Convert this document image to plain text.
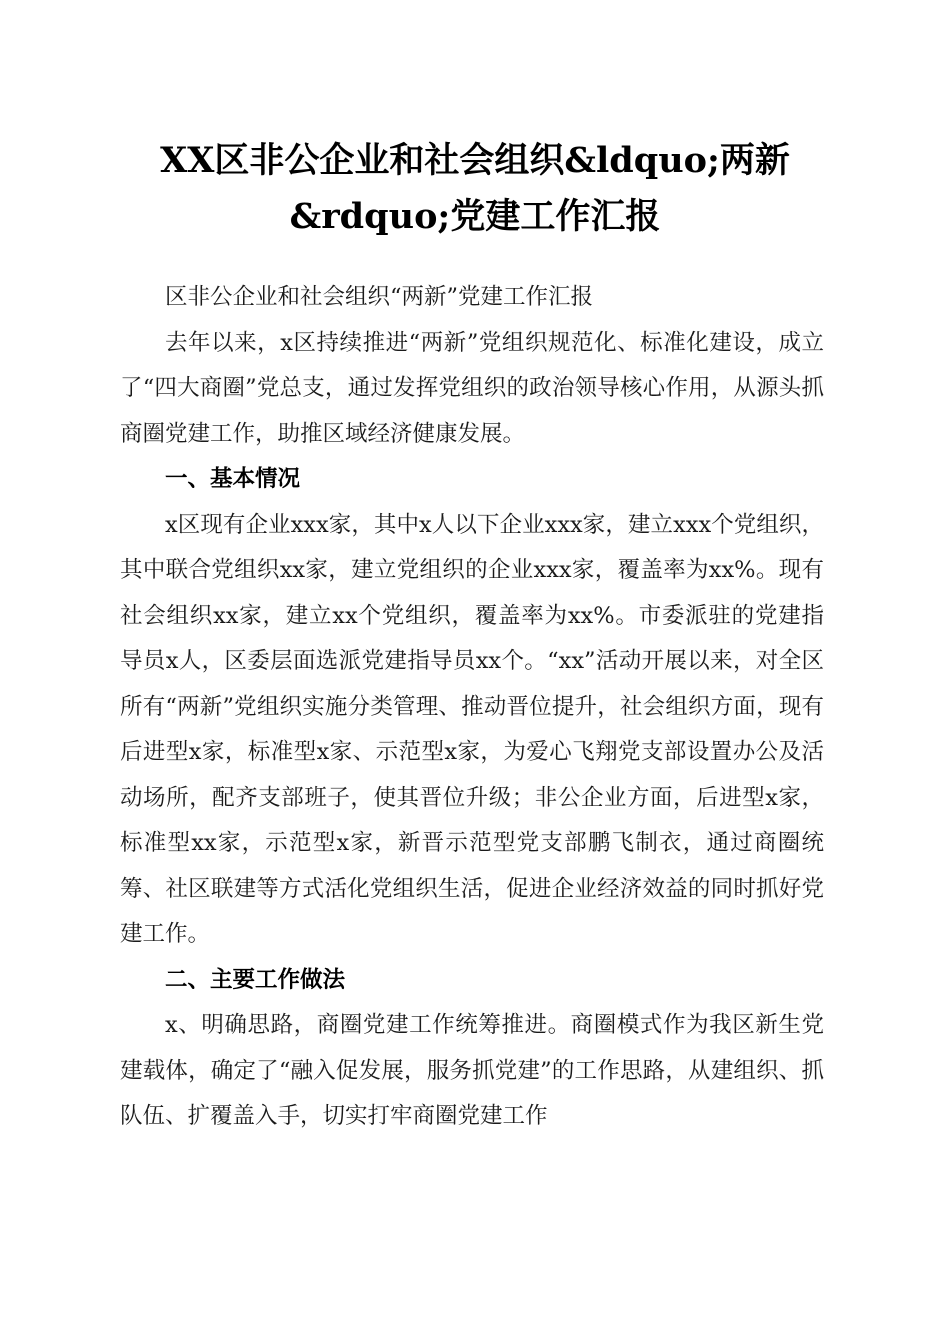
XX区非公企业和社会组织&ldquo;两新&rdquo;党建工作汇报

区非公企业和社会组织“两新”党建工作汇报

去年以来，x区持续推进“两新”党组织规范化、标准化建设，成立了“四大商圈”党总支，通过发挥党组织的政治领导核心作用，从源头抓商圈党建工作，助推区域经济健康发展。

一、基本情况

x区现有企业xxx家，其中x人以下企业xxx家，建立xxx个党组织，其中联合党组织xx家，建立党组织的企业xxx家，覆盖率为xx%。现有社会组织xx家，建立xx个党组织，覆盖率为xx%。市委派驻的党建指导员x人，区委层面选派党建指导员xx个。“xx”活动开展以来，对全区所有“两新”党组织实施分类管理、推动晋位提升，社会组织方面，现有后进型x家，标准型x家、示范型x家，为爱心飞翔党支部设置办公及活动场所，配齐支部班子，使其晋位升级；非公企业方面，后进型x家，标准型xx家，示范型x家，新晋示范型党支部鹏飞制衣，通过商圈统筹、社区联建等方式活化党组织生活，促进企业经济效益的同时抓好党建工作。

二、主要工作做法

x、明确思路，商圈党建工作统筹推进。商圈模式作为我区新生党建载体，确定了“融入促发展，服务抓党建”的工作思路，从建组织、抓队伍、扩覆盖入手，切实打牢商圈党建工作
